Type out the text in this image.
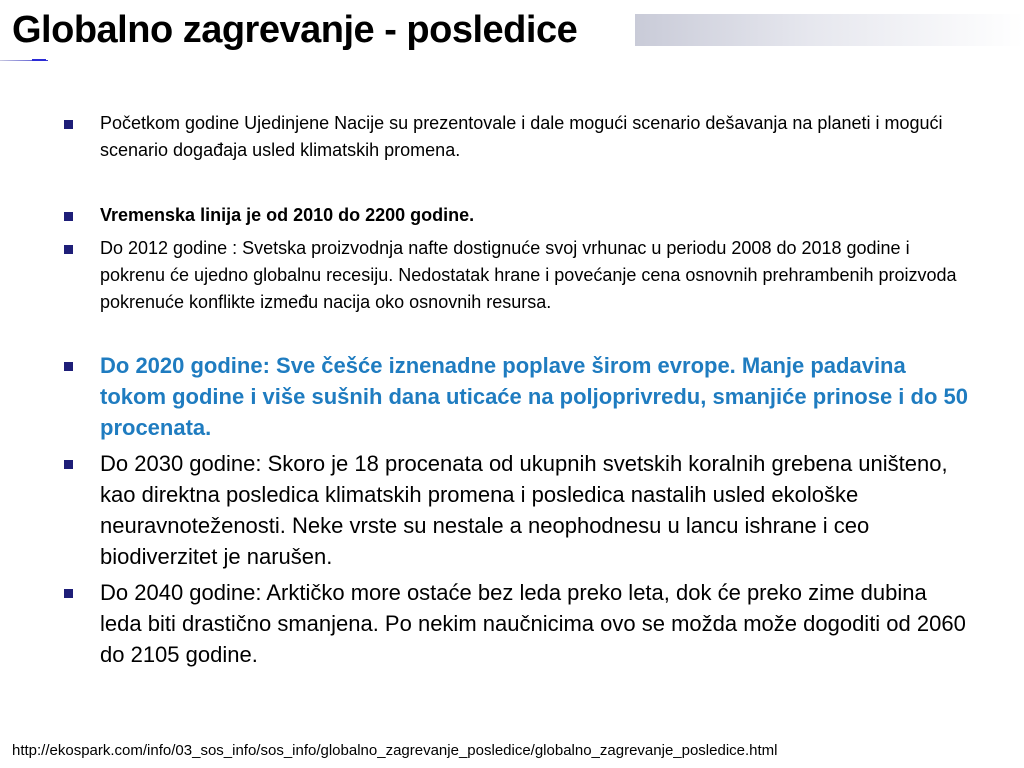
Globalno zagrevanje - posledice
Početkom godine Ujedinjene Nacije su prezentovale i dale mogući scenario dešavanja na planeti i mogući scenario događaja usled klimatskih promena.
Vremenska linija je od 2010 do 2200 godine.
Do 2012 godine : Svetska proizvodnja nafte dostignuće svoj vrhunac u periodu 2008 do 2018 godine i pokrenu će ujedno globalnu recesiju. Nedostatak hrane i povećanje cena osnovnih prehrambenih proizvoda pokrenuće konflikte između nacija oko osnovnih resursa.
Do 2020 godine: Sve češće iznenadne poplave širom evrope. Manje padavina tokom godine i više sušnih dana uticaće na poljoprivredu, smanjiće prinose i do 50 procenata.
Do 2030 godine: Skoro je 18 procenata od ukupnih svetskih koralnih grebena uništeno, kao direktna posledica klimatskih promena i posledica nastalih usled ekološke neuravnoteženosti. Neke vrste su nestale a neophodnesu u lancu ishrane i ceo biodiverzitet je narušen.
Do 2040 godine: Arktičko more ostaće bez leda preko leta, dok će preko zime dubina leda biti drastično smanjena. Po nekim naučnicima ovo se možda može dogoditi od 2060 do 2105 godine.
http://ekospark.com/info/03_sos_info/sos_info/globalno_zagrevanje_posledice/globalno_zagrevanje_posledice.html
